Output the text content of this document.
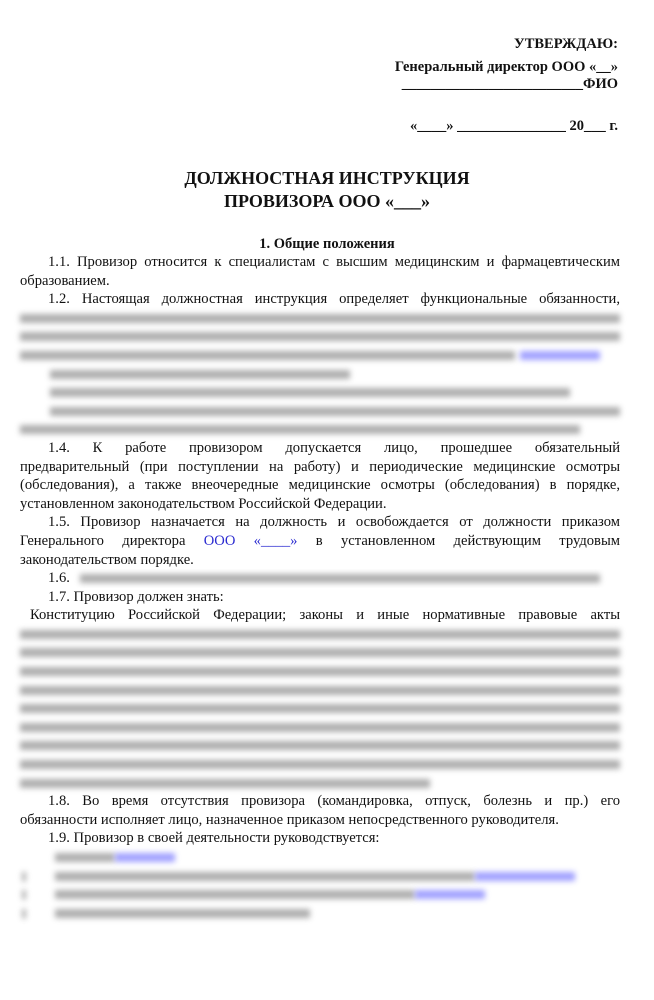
УТВЕРЖДАЮ:
Генеральный директор ООО «__»
_________________________ФИО
«____» _______________ 20___ г.
ДОЛЖНОСТНАЯ ИНСТРУКЦИЯ
ПРОВИЗОРА ООО «___»
1. Общие положения
1.1. Провизор относится к специалистам с высшим медицинским и фармацевтическим
образованием.
1.2. Настоящая должностная инструкция определяет функциональные обязанности,
1.4. К работе провизором допускается лицо, прошедшее обязательный
предварительный (при поступлении на работу) и периодические медицинские осмотры
(обследования), а также внеочередные медицинские осмотры (обследования) в порядке,
установленном законодательством Российской Федерации.
1.5. Провизор назначается на должность и освобождается от должности приказом
Генерального директора ООО «____» в установленном действующим трудовым
законодательством порядке.
1.6.
1.7. Провизор должен знать:
Конституцию Российской Федерации; законы и иные нормативные правовые акты
1.8. Во время отсутствия провизора (командировка, отпуск, болезнь и пр.) его
обязанности исполняет лицо, назначенное приказом непосредственного руководителя.
1.9. Провизор в своей деятельности руководствуется:
·
·
·
